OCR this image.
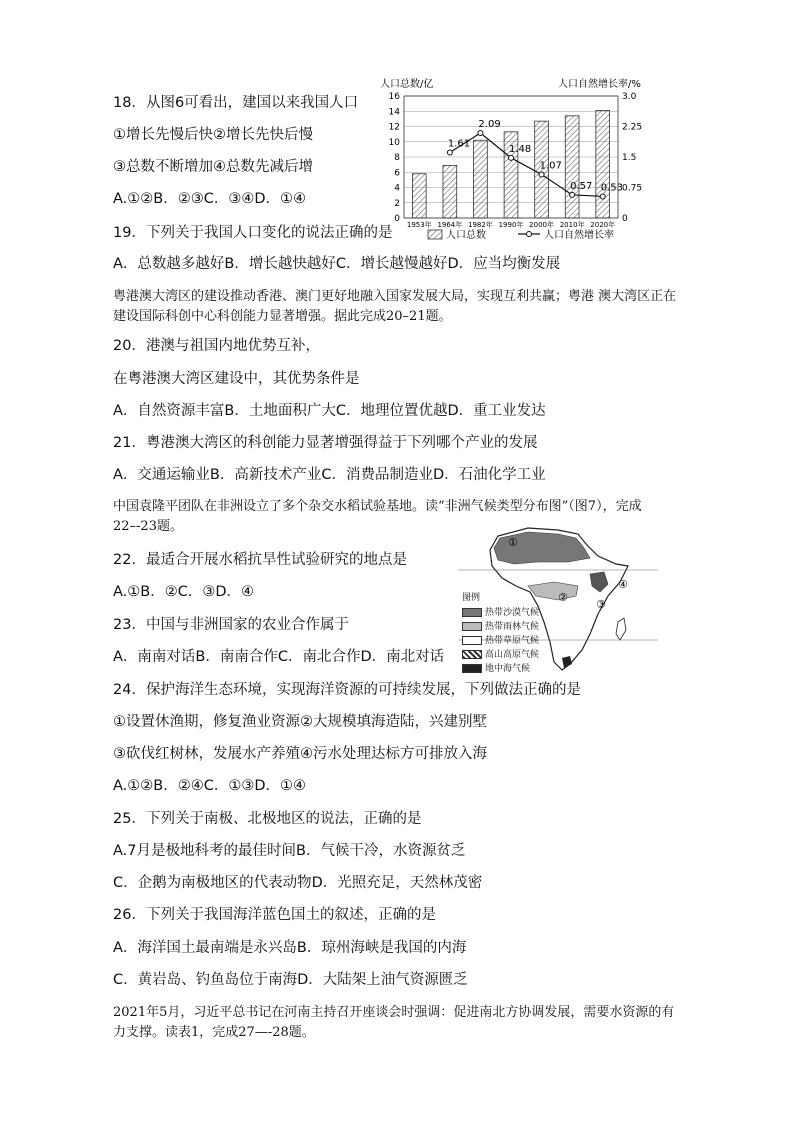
18．从图6可看出，建国以来我国人口
①增长先慢后快②增长先快后慢
③总数不断增加④总数先减后增
A.①②B．②③C．③④D．①④
人口总数/亿	人口自然增长率/%
0
2
4
6
8
10
12
14
16
0
0.75
1.5
2.25
3.0
1953年 1964年 1982年 1990年 2000年 2010年 2020年
1.61
2.09
1.48
1.07
0.57 0.53
人口总数	人口自然增长率
19．下列关于我国人口变化的说法正确的是
A．总数越多越好B．增长越快越好C．增长越慢越好D．应当均衡发展
粤港澳大湾区的建设推动香港、澳门更好地融入国家发展大局，实现互利共赢；粤港 澳大湾区正在建设国际科创中心科创能力显著增强。据此完成20–21题。
20．港澳与祖国内地优势互补，
在粤港澳大湾区建设中，其优势条件是
A．自然资源丰富B．土地面积广大C．地理位置优越D．重工业发达
21．粤港澳大湾区的科创能力显著增强得益于下列哪个产业的发展
A．交通运输业B．高新技术产业C．消费品制造业D．石油化学工业
中国袁隆平团队在非洲设立了多个杂交水稻试验基地。读“非洲气候类型分布图”（图7），完成22–-23题。
22．最适合开展水稻抗旱性试验研究的地点是
A.①B．②C．③D．④
23．中国与非洲国家的农业合作属于
A．南南对话B．南南合作C．南北合作D．南北对话
①
②
③
④
图例
热带沙漠气候
热带雨林气候
热带草原气候
高山高原气候
地中海气候
24．保护海洋生态环境，实现海洋资源的可持续发展，下列做法正确的是
①设置休渔期，修复渔业资源②大规模填海造陆，兴建别墅
③砍伐红树林，发展水产养殖④污水处理达标方可排放入海
A.①②B．②④C．①③D．①④
25．下列关于南极、北极地区的说法，正确的是
A.7月是极地科考的最佳时间B．气候干冷，水资源贫乏
C．企鹅为南极地区的代表动物D．光照充足，天然林茂密
26．下列关于我国海洋蓝色国土的叙述，正确的是
A．海洋国土最南端是永兴岛B．琼州海峡是我国的内海
C．黄岩岛、钓鱼岛位于南海D．大陆架上油气资源匮乏
2021年5月，习近平总书记在河南主持召开座谈会时强调：促进南北方协调发展，需要水资源的有力支撑。读表1，完成27—-28题。
